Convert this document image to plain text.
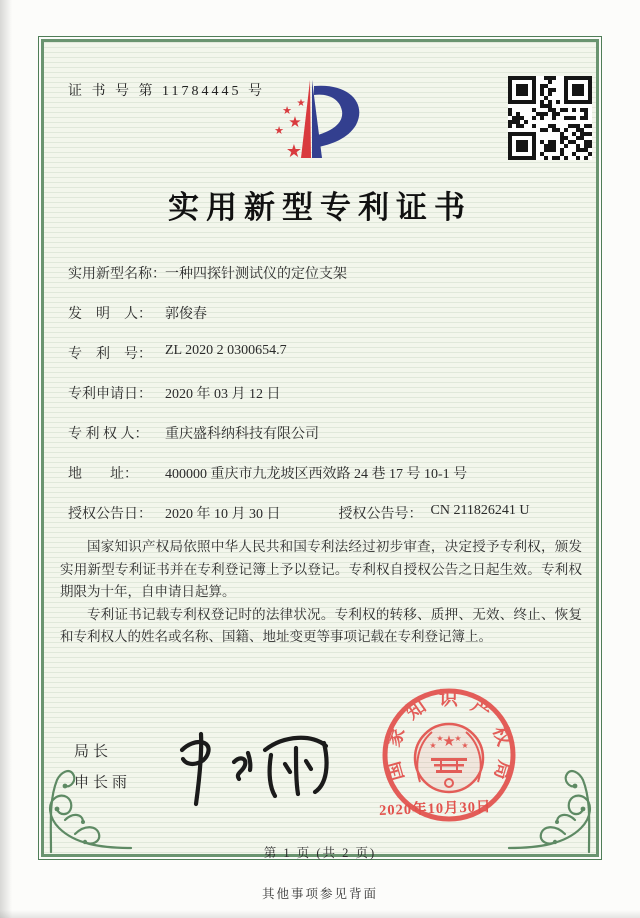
证 书 号 第 11784445 号
★
★
★ ★
★
实用新型专利证书
实用新型名称： 一种四探针测试仪的定位支架
发　明　人： 郭俊春
专　利　号： ZL 2020 2 0300654.7
专利申请日： 2020 年 03 月 12 日
专 利 权 人：	重庆盛科纳科技有限公司
地　　址：	400000 重庆市九龙坡区西效路 24 巷 17 号 10-1 号
授权公告日： 2020 年 10 月 30 日	授权公告号： CN 211826241 U

国家知识产权局依照中华人民共和国专利法经过初步审查，决定授予专利权，颁发实用新型专利证书并在专利登记簿上予以登记。专利权自授权公告之日起生效。专利权期限为十年，自申请日起算。

专利证书记载专利权登记时的法律状况。专利权的转移、质押、无效、终止、恢复和专利权人的姓名或名称、国籍、地址变更等事项记载在专利登记簿上。

局长
申长雨
国家知识产权局
★
★
★ ★
★
2020年10月30日
第 1 页 (共 2 页)
其他事项参见背面
